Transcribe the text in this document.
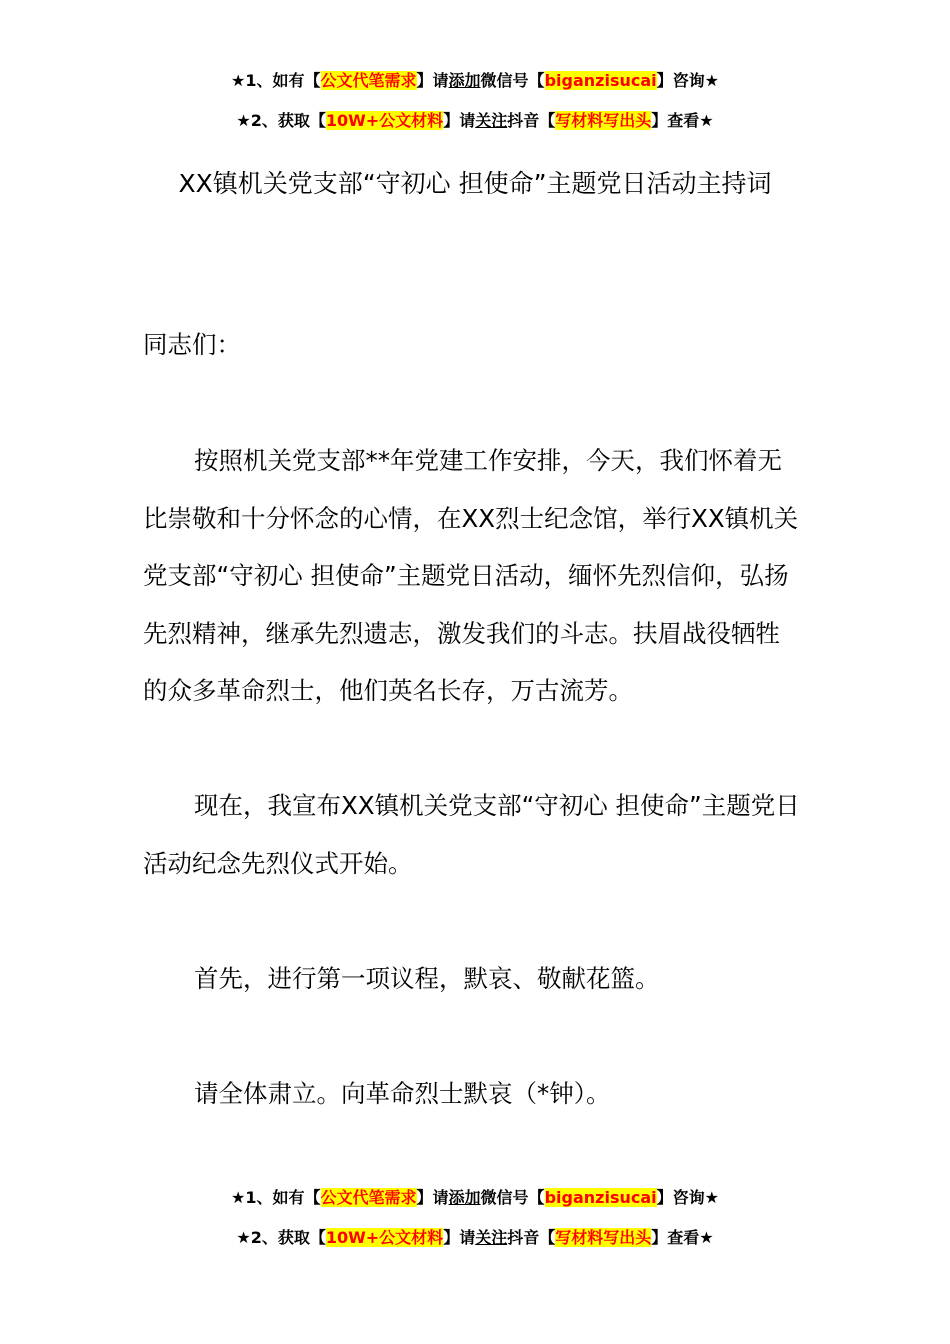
★1、如有【公文代笔需求】请添加微信号【biganzisucai】咨询★
★2、获取【10W+公文材料】请关注抖音【写材料写出头】查看★
XX镇机关党支部“守初心 担使命”主题党日活动主持词

同志们：

按照机关党支部**年党建工作安排，今天，我们怀着无比崇敬和十分怀念的心情，在XX烈士纪念馆，举行XX镇机关党支部“守初心 担使命”主题党日活动，缅怀先烈信仰，弘扬先烈精神，继承先烈遗志，激发我们的斗志。扶眉战役牺牲的众多革命烈士，他们英名长存，万古流芳。

现在，我宣布XX镇机关党支部“守初心 担使命”主题党日活动纪念先烈仪式开始。

首先，进行第一项议程，默哀、敬献花篮。

请全体肃立。向革命烈士默哀（*钟）。

★1、如有【公文代笔需求】请添加微信号【biganzisucai】咨询★
★2、获取【10W+公文材料】请关注抖音【写材料写出头】查看★
